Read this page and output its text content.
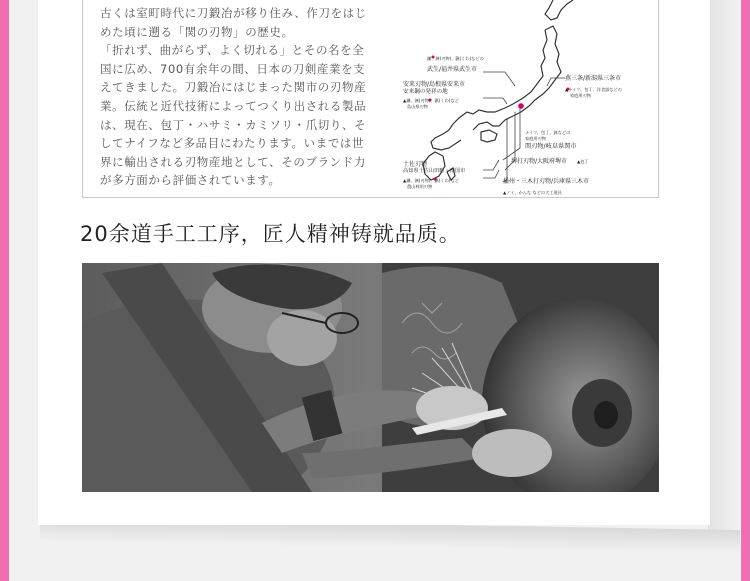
古くは室町時代に刀鍛冶が移り住み、作刀をはじめた頃に遡る「関の刃物」の歴史。

「折れず、曲がらず、よく切れる」とその名を全国に広め、700有余年の間、日本の刀剣産業を支えてきました。刀鍛冶にはじまった関市の刃物産業。伝統と近代技術によってつくり出される製品は、現在、包丁・ハサミ・カミソリ・爪切り、そしてナイフなど多品目にわたります。いまでは世界に輸出される刃物産地として、そのブランド力が多方面から評価されています。

鎌、鋏(刃物)、鍬(くわ)などの
武生/福井県武生市
安来刃物/島根県安来市
安来鋼の発祥の地
▲鎌、鋏(刃物)、鍬(くわ)など
島山県刃物
燕三条/新潟県三条市
▲ナイフ、包丁、洋食器などの
家庭用刃物
ナイフ、包丁、鉢などの
家庭用刃物
関刃物/岐阜県関市
堺打刃物/大阪府堺市 ▲包丁
土佐刃物
高知県土佐山田町・南国市
▲鎌、鋏(刃物)、鍬(くわ)など
農山林用刃物
播州・三木打刃物/兵庫県三木市
▲ノミ、かんな などの大工道具
20余道手工工序，匠人精神铸就品质。
